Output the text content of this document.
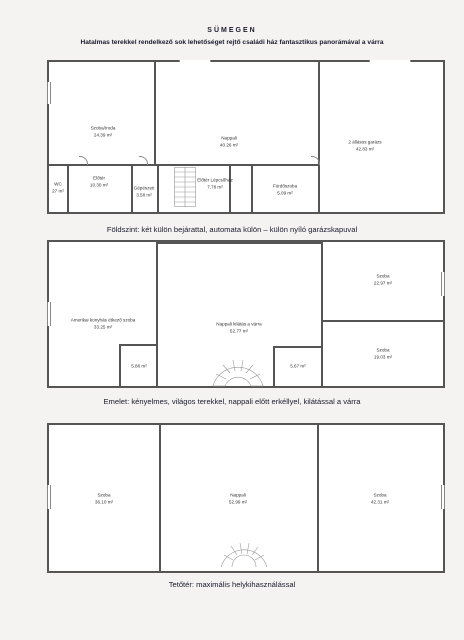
SÜMEGEN
Hatalmas terekkel rendelkező sok lehetőséget rejtő családi ház fantasztikus panorámával a várra
Szoba/Iroda
24.39 m²
Nappali
40.26 m²
2 állásos garázs
42.83 m²
WC
27 m²
Előtér
10.30 m²
Gépészeti
3.58 m²
Előtér Lépcsőház
7.78 m²	Fürdőszoba
5.09 m²
Földszint: két külön bejárattal, automata külön – külön nyíló garázskapuval
Amerikai konyhás étkező szoba
33.25 m²
Nappali kilátás a várra
52.77 m²
Szoba
22.97 m²
Szoba
19.03 m²
5.86 m²	5.67 m²
Emelet: kényelmes, világos terekkel, nappali előtt erkéllyel, kilátással a várra
Szoba
36.10 m²
Nappali
52.99 m²
Szoba
42.31 m²
Tetőtér: maximális helykihasználással
